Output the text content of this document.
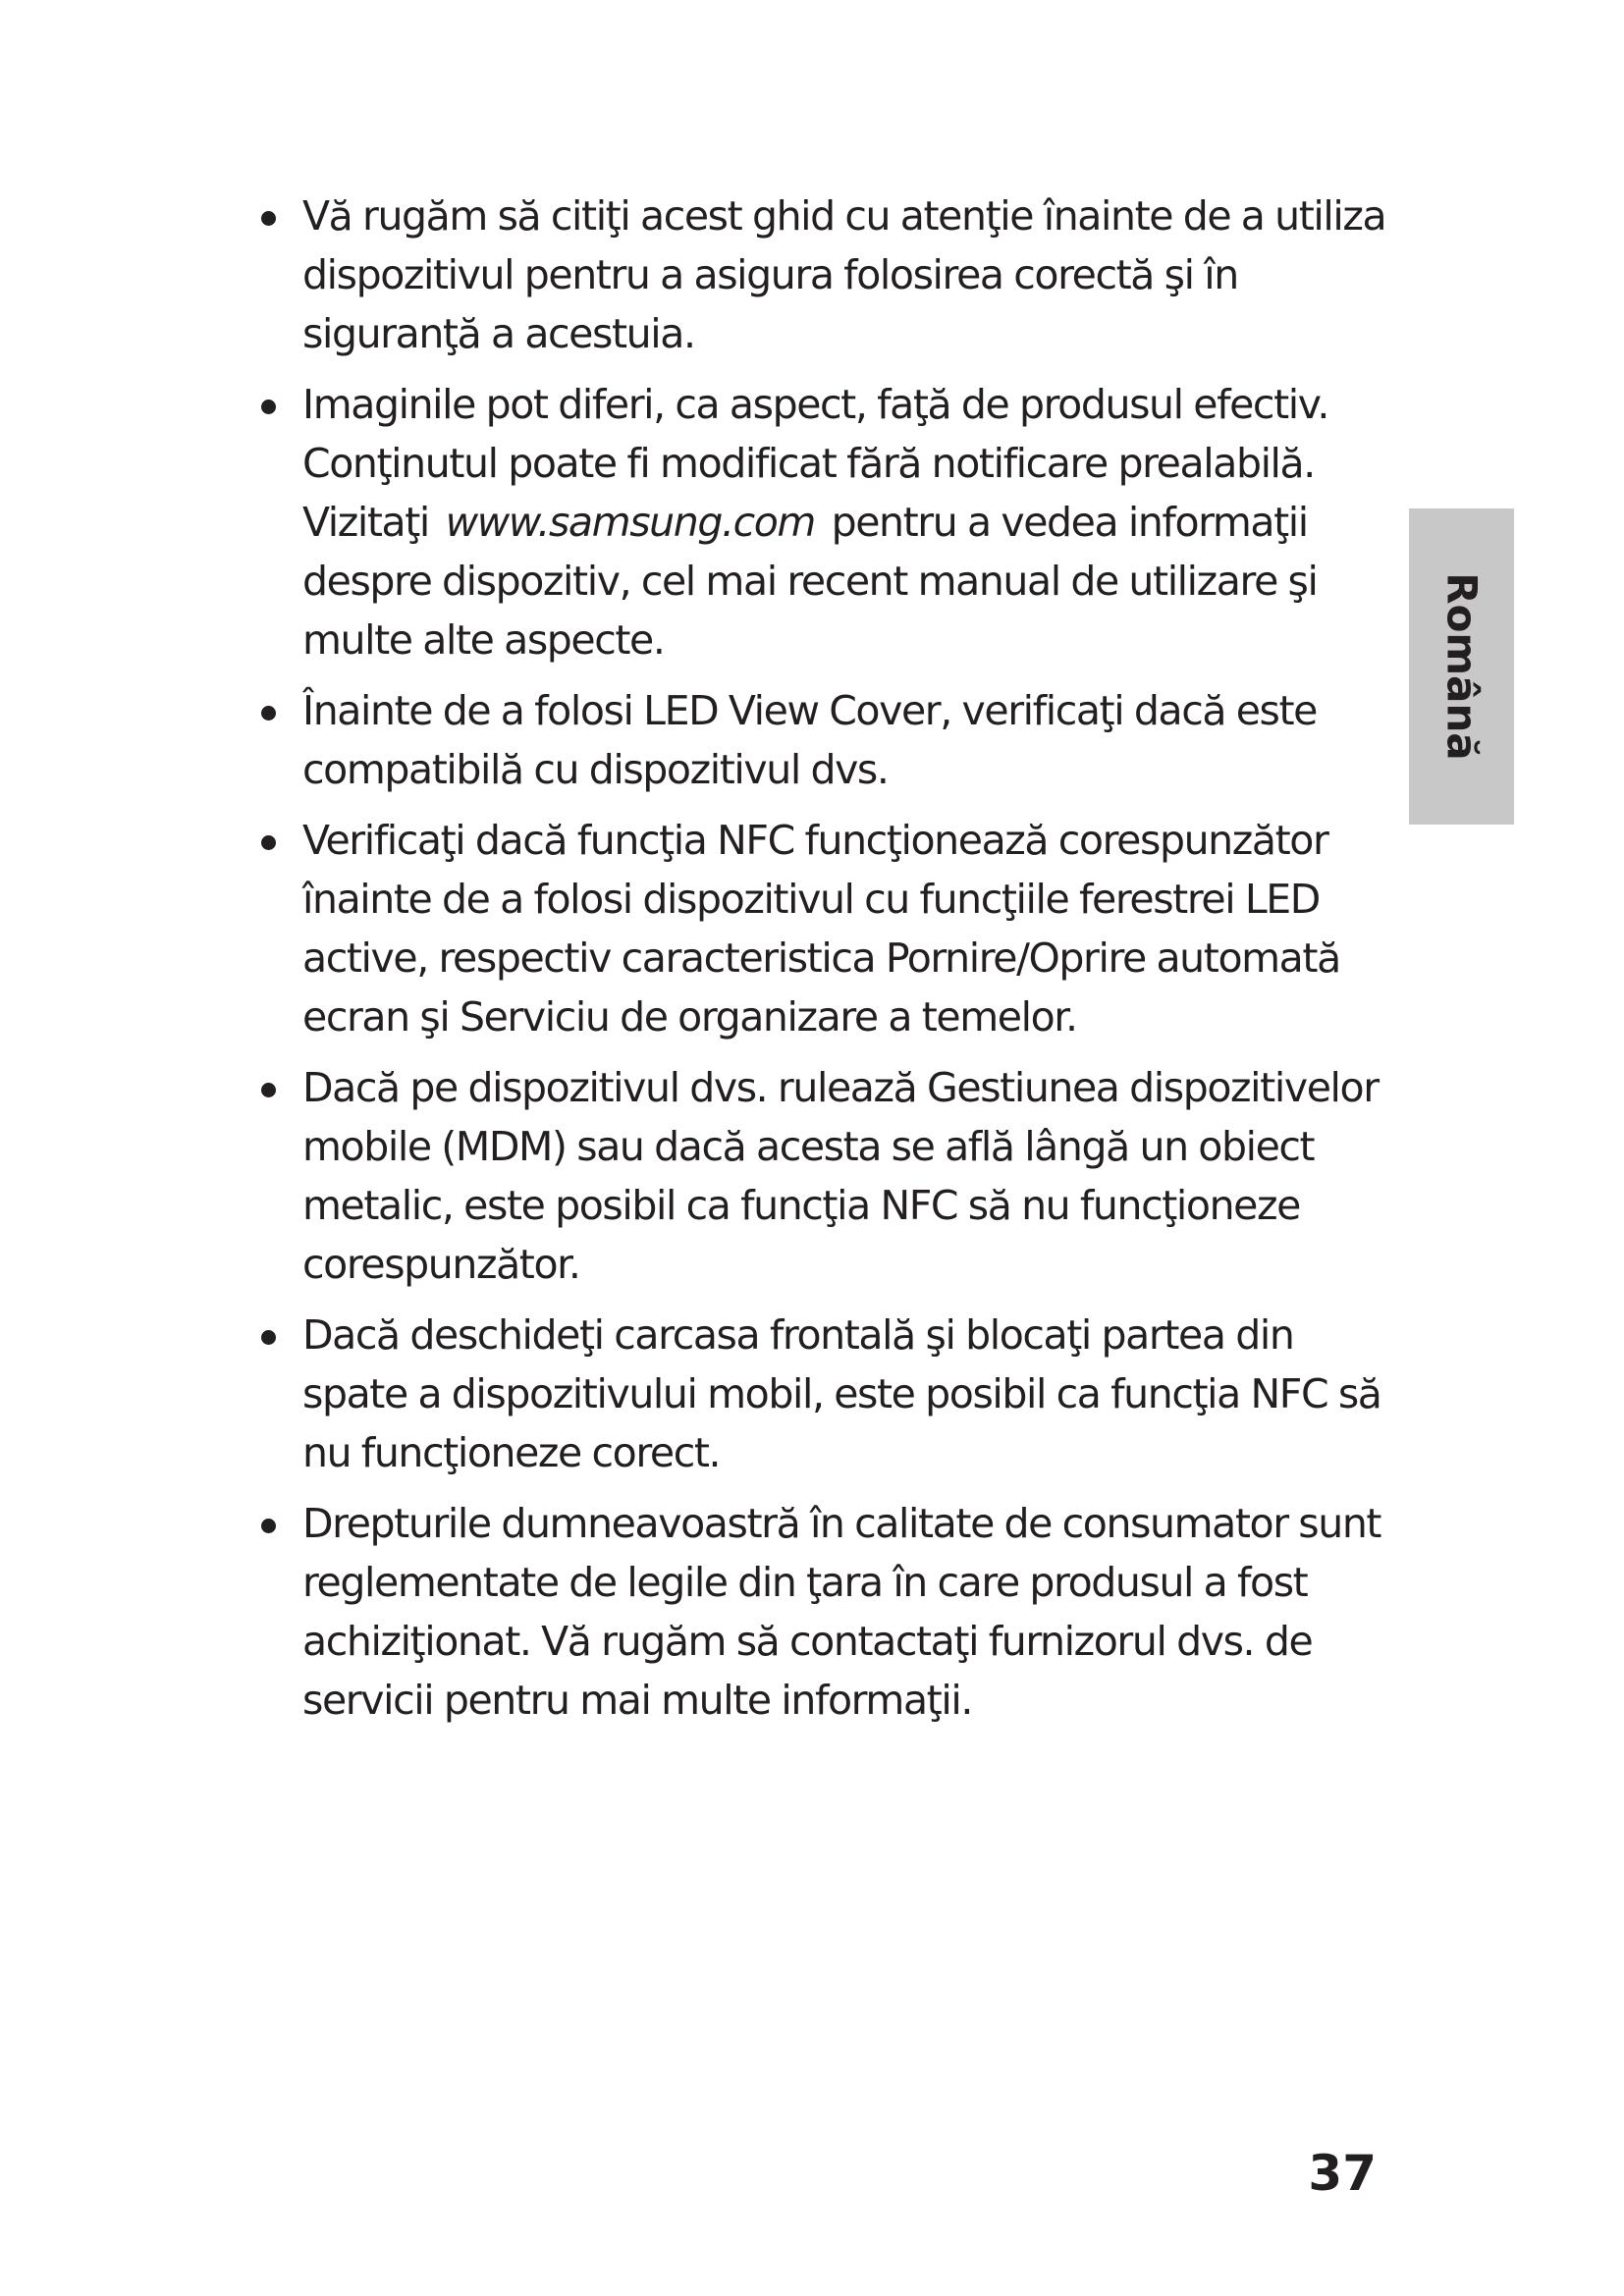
Vă rugăm să citiţi acest ghid cu atenţie înainte de a utiliza dispozitivul pentru a asigura folosirea corectă şi în siguranţă a acestuia.
Imaginile pot diferi, ca aspect, faţă de produsul efectiv. Conţinutul poate fi modificat fără notificare prealabilă. Vizitaţi www.samsung.com pentru a vedea informaţii despre dispozitiv, cel mai recent manual de utilizare şi multe alte aspecte.
Înainte de a folosi LED View Cover, verificaţi dacă este compatibilă cu dispozitivul dvs.
Verificaţi dacă funcţia NFC funcţionează corespunzător înainte de a folosi dispozitivul cu funcţiile ferestrei LED active, respectiv caracteristica Pornire/Oprire automată ecran şi Serviciu de organizare a temelor.
Dacă pe dispozitivul dvs. rulează Gestiunea dispozitivelor mobile (MDM) sau dacă acesta se află lângă un obiect metalic, este posibil ca funcţia NFC să nu funcţioneze corespunzător.
Dacă deschideţi carcasa frontală şi blocaţi partea din spate a dispozitivului mobil, este posibil ca funcţia NFC să nu funcţioneze corect.
Drepturile dumneavoastră în calitate de consumator sunt reglementate de legile din ţara în care produsul a fost achiziţionat. Vă rugăm să contactaţi furnizorul dvs. de servicii pentru mai multe informaţii.
Română
37
